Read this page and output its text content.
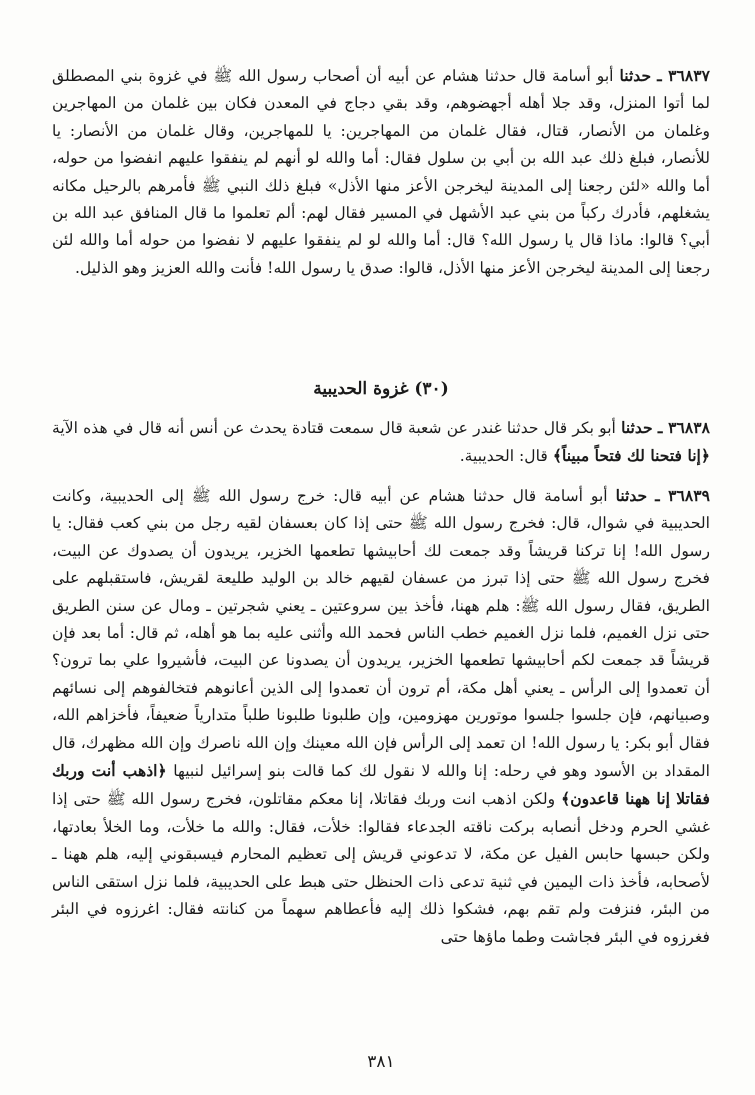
٣٦٨٣٧ ـ حدثنا أبو أسامة قال حدثنا هشام عن أبيه أن أصحاب رسول الله ﷺ في غزوة بني المصطلق لما أتوا المنزل، وقد جلا أهله أجهضوهم، وقد بقي دجاج في المعدن فكان بين غلمان من المهاجرين وغلمان من الأنصار، قتال، فقال غلمان من المهاجرين: يا للمهاجرين، وقال غلمان من الأنصار: يا للأنصار، فبلغ ذلك عبد الله بن أبي بن سلول فقال: أما والله لو أنهم لم ينفقوا عليهم انفضوا من حوله، أما والله «لئن رجعنا إلى المدينة ليخرجن الأعز منها الأذل» فبلغ ذلك النبي ﷺ فأمرهم بالرحيل مكانه يشغلهم، فأدرك ركباً من بني عبد الأشهل في المسير فقال لهم: ألم تعلموا ما قال المنافق عبد الله بن أبي؟ قالوا: ماذا قال يا رسول الله؟ قال: أما والله لو لم ينفقوا عليهم لا نفضوا من حوله أما والله لئن رجعنا إلى المدينة ليخرجن الأعز منها الأذل، قالوا: صدق يا رسول الله! فأنت والله العزيز وهو الذليل.

(٣٠) غزوة الحديبية

٣٦٨٣٨ ـ حدثنا أبو بكر قال حدثنا غندر عن شعبة قال سمعت قتادة يحدث عن أنس أنه قال في هذه الآية ﴿إنا فتحنا لك فتحاً مبيناً﴾ قال: الحديبية.

٣٦٨٣٩ ـ حدثنا أبو أسامة قال حدثنا هشام عن أبيه قال: خرج رسول الله ﷺ إلى الحديبية، وكانت الحديبية في شوال، قال: فخرج رسول الله ﷺ حتى إذا كان بعسفان لقيه رجل من بني كعب فقال: يا رسول الله! إنا تركنا قريشاً وقد جمعت لك أحابيشها تطعمها الخزير، يريدون أن يصدوك عن البيت، فخرج رسول الله ﷺ حتى إذا تبرز من عسفان لقيهم خالد بن الوليد طليعة لقريش، فاستقبلهم على الطريق، فقال رسول الله ﷺ: هلم ههنا، فأخذ بين سروعتين ـ يعني شجرتين ـ ومال عن سنن الطريق حتى نزل الغميم، فلما نزل الغميم خطب الناس فحمد الله وأثنى عليه بما هو أهله، ثم قال: أما بعد فإن قريشاً قد جمعت لكم أحابيشها تطعمها الخزير، يريدون أن يصدونا عن البيت، فأشيروا علي بما ترون؟ أن تعمدوا إلى الرأس ـ يعني أهل مكة، أم ترون أن تعمدوا إلى الذين أعانوهم فتخالفوهم إلى نسائهم وصبيانهم، فإن جلسوا جلسوا موتورين مهزومين، وإن طلبونا طلبونا طلباً متدارياً ضعيفاً، فأخزاهم الله، فقال أبو بكر: يا رسول الله! ان تعمد إلى الرأس فإن الله معينك وإن الله ناصرك وإن الله مظهرك، قال المقداد بن الأسود وهو في رحله: إنا والله لا نقول لك كما قالت بنو إسرائيل لنبيها ﴿اذهب أنت وربك فقاتلا إنا ههنا قاعدون﴾ ولكن اذهب انت وربك فقاتلا، إنا معكم مقاتلون، فخرج رسول الله ﷺ حتى إذا غشي الحرم ودخل أنصابه بركت ناقته الجدعاء فقالوا: خلأت، فقال: والله ما خلأت، وما الخلأ بعادتها، ولكن حبسها حابس الفيل عن مكة، لا تدعوني قريش إلى تعظيم المحارم فيسبقوني إليه، هلم ههنا ـ لأصحابه، فأخذ ذات اليمين في ثنية تدعى ذات الحنظل حتى هبط على الحديبية، فلما نزل استقى الناس من البئر، فنزفت ولم تقم بهم، فشكوا ذلك إليه فأعطاهم سهماً من كنانته فقال: اغرزوه في البئر فغرزوه في البئر فجاشت وطما ماؤها حتى

٣٨١
